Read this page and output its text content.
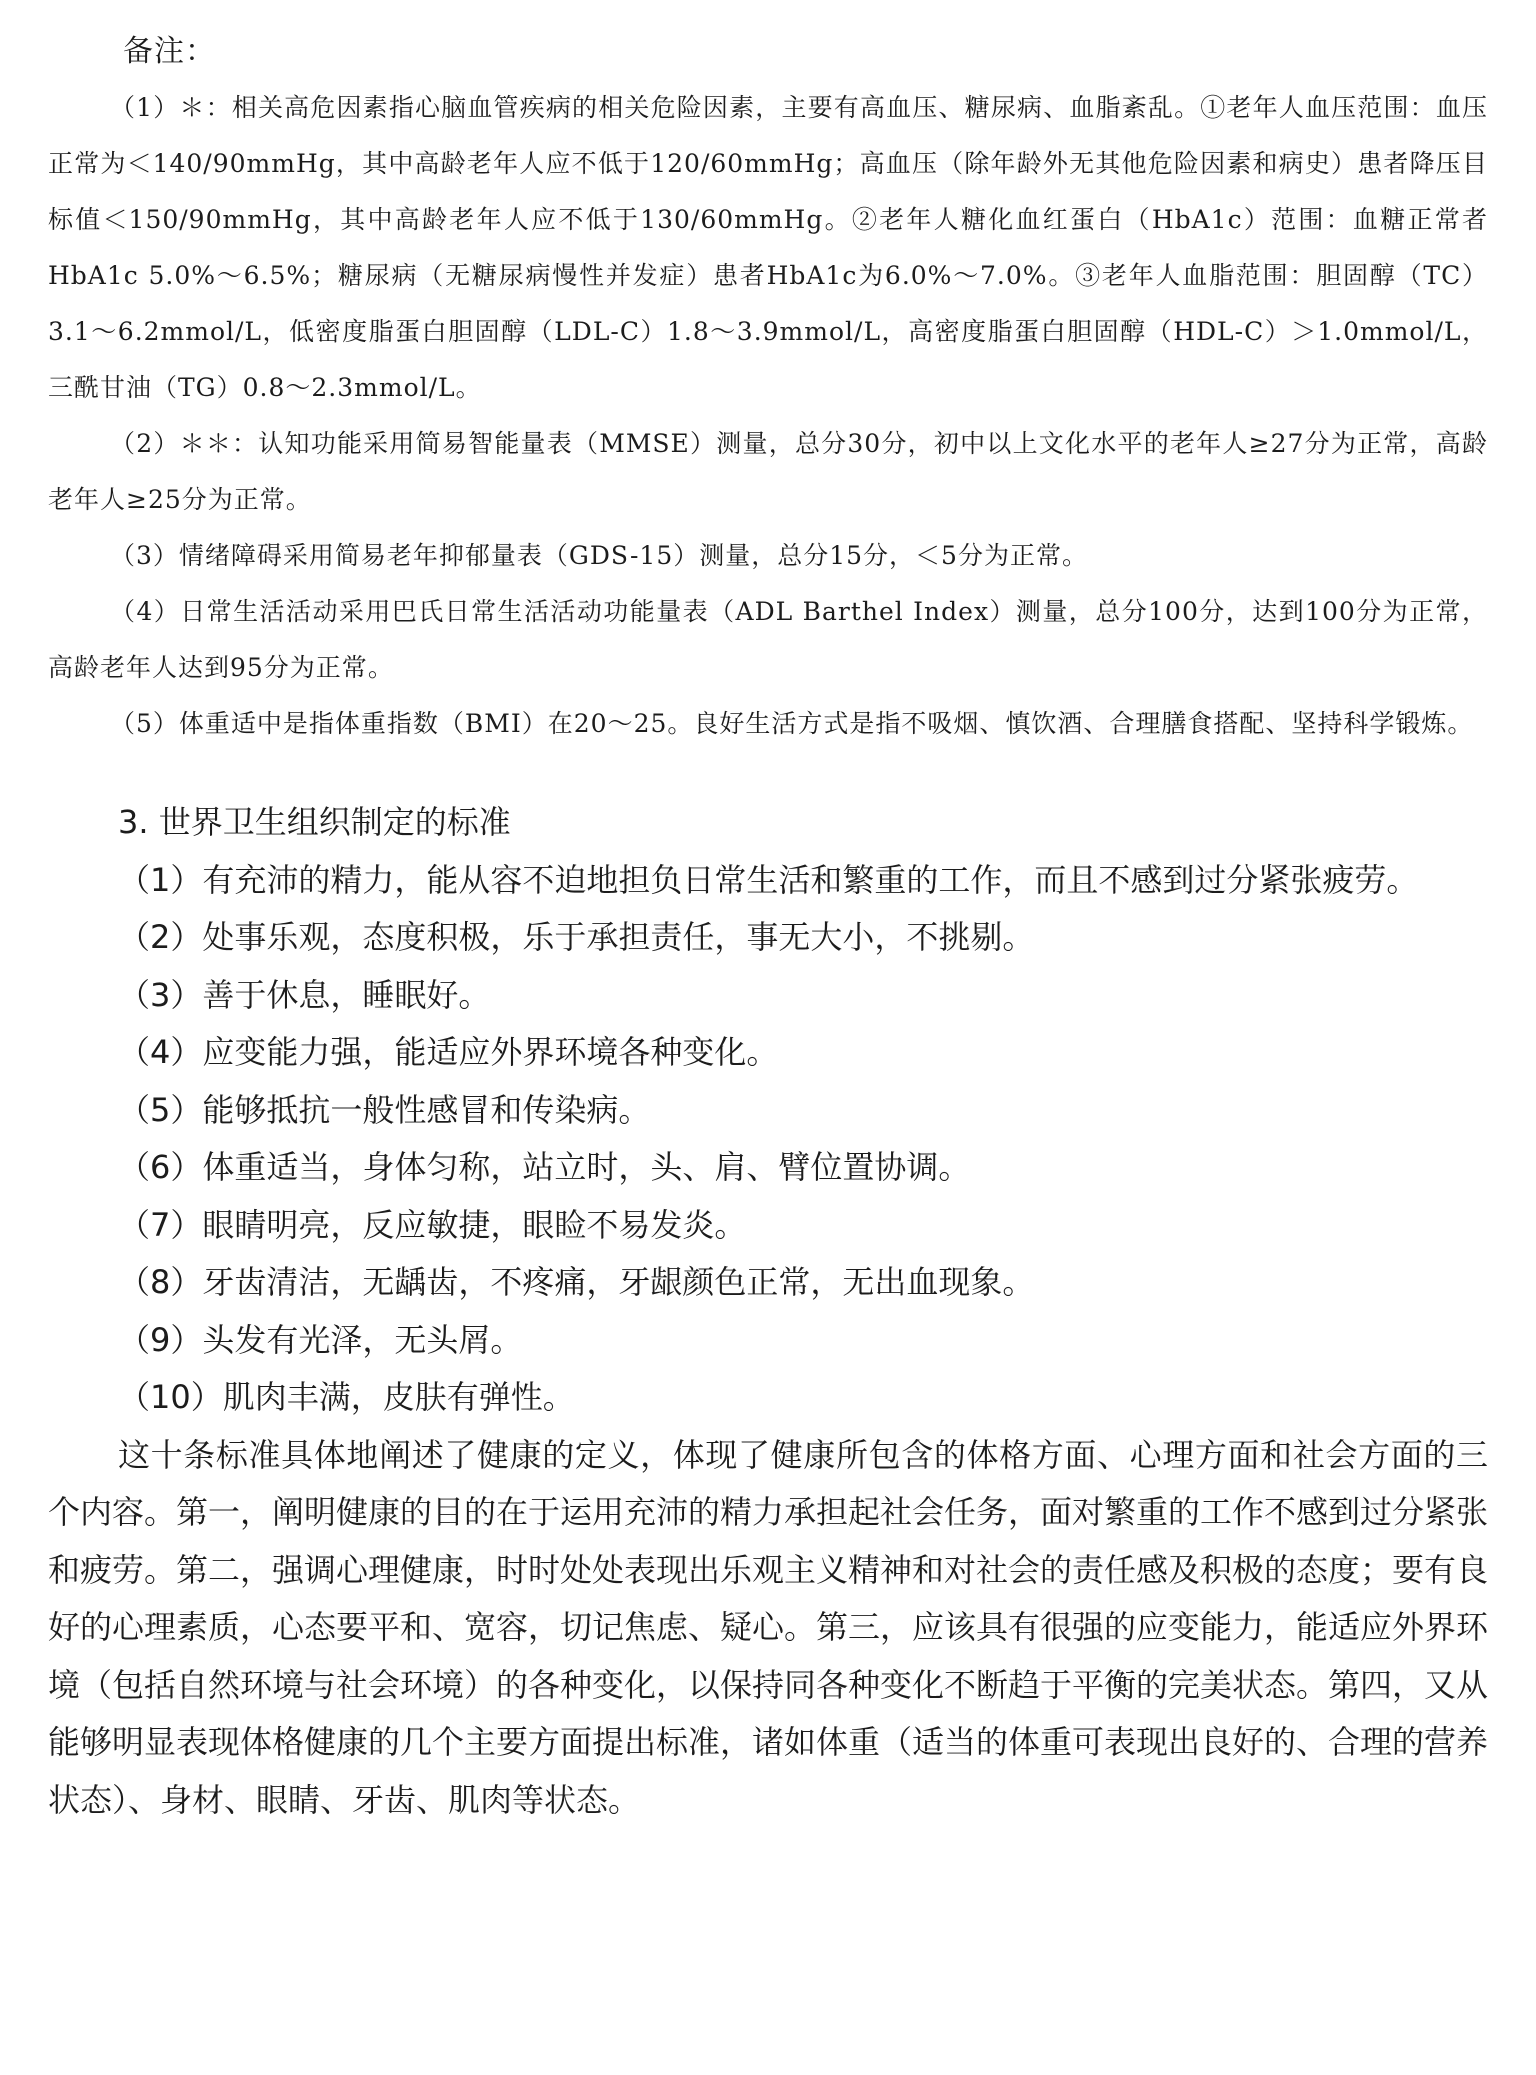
备注：

（1）＊：相关高危因素指心脑血管疾病的相关危险因素，主要有高血压、糖尿病、血脂紊乱。①老年人血压范围：血压正常为＜140/90mmHg，其中高龄老年人应不低于120/60mmHg；高血压（除年龄外无其他危险因素和病史）患者降压目标值＜150/90mmHg，其中高龄老年人应不低于130/60mmHg。②老年人糖化血红蛋白（HbA1c）范围：血糖正常者HbA1c 5.0%～6.5%；糖尿病（无糖尿病慢性并发症）患者HbA1c为6.0%～7.0%。③老年人血脂范围：胆固醇（TC）3.1～6.2mmol/L，低密度脂蛋白胆固醇（LDL-C）1.8～3.9mmol/L，高密度脂蛋白胆固醇（HDL-C）＞1.0mmol/L，三酰甘油（TG）0.8～2.3mmol/L。

（2）＊＊：认知功能采用简易智能量表（MMSE）测量，总分30分，初中以上文化水平的老年人≥27分为正常，高龄老年人≥25分为正常。

（3）情绪障碍采用简易老年抑郁量表（GDS-15）测量，总分15分，＜5分为正常。

（4）日常生活活动采用巴氏日常生活活动功能量表（ADL Barthel Index）测量，总分100分，达到100分为正常，高龄老年人达到95分为正常。

（5）体重适中是指体重指数（BMI）在20～25。良好生活方式是指不吸烟、慎饮酒、合理膳食搭配、坚持科学锻炼。

3. 世界卫生组织制定的标准

（1）有充沛的精力，能从容不迫地担负日常生活和繁重的工作，而且不感到过分紧张疲劳。

（2）处事乐观，态度积极，乐于承担责任，事无大小，不挑剔。

（3）善于休息，睡眠好。

（4）应变能力强，能适应外界环境各种变化。

（5）能够抵抗一般性感冒和传染病。

（6）体重适当，身体匀称，站立时，头、肩、臂位置协调。

（7）眼睛明亮，反应敏捷，眼睑不易发炎。

（8）牙齿清洁，无龋齿，不疼痛，牙龈颜色正常，无出血现象。

（9）头发有光泽，无头屑。

（10）肌肉丰满，皮肤有弹性。

这十条标准具体地阐述了健康的定义，体现了健康所包含的体格方面、心理方面和社会方面的三个内容。第一，阐明健康的目的在于运用充沛的精力承担起社会任务，面对繁重的工作不感到过分紧张和疲劳。第二，强调心理健康，时时处处表现出乐观主义精神和对社会的责任感及积极的态度；要有良好的心理素质，心态要平和、宽容，切记焦虑、疑心。第三，应该具有很强的应变能力，能适应外界环境（包括自然环境与社会环境）的各种变化，以保持同各种变化不断趋于平衡的完美状态。第四，又从能够明显表现体格健康的几个主要方面提出标准，诸如体重（适当的体重可表现出良好的、合理的营养状态）、身材、眼睛、牙齿、肌肉等状态。
